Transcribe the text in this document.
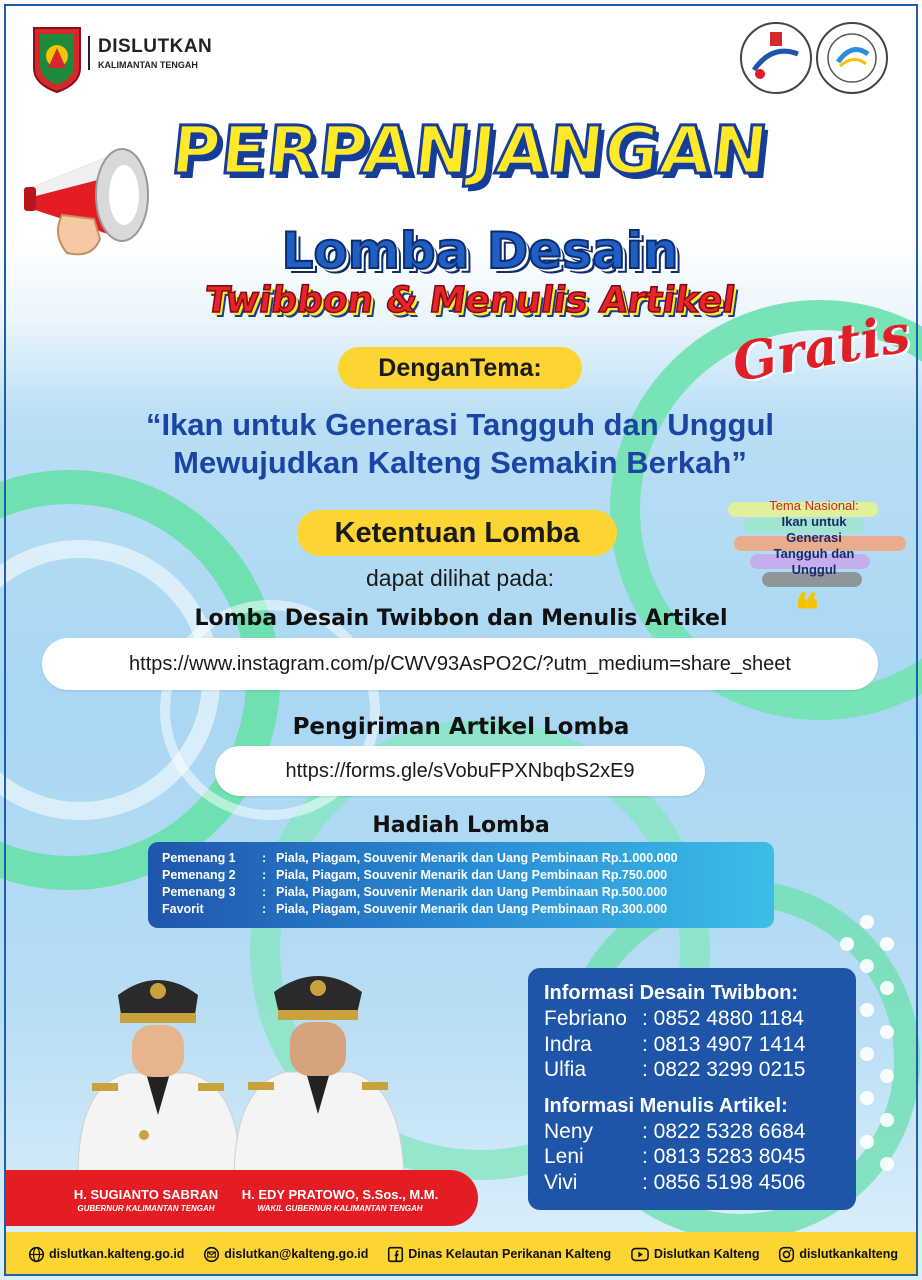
DISLUTKAN
KALIMANTAN TENGAH
PERPANJANGAN
Lomba Desain
Twibbon & Menulis Artikel
Gratis
DenganTema:
“Ikan untuk Generasi Tangguh dan Unggul
Mewujudkan Kalteng Semakin Berkah”
Ketentuan Lomba
dapat dilihat pada:
Tema Nasional:
Ikan untuk
Generasi
Tangguh dan
Unggul
❝
Lomba Desain Twibbon dan Menulis Artikel
https://www.instagram.com/p/CWV93AsPO2C/?utm_medium=share_sheet
Pengiriman Artikel Lomba
https://forms.gle/sVobuFPXNbqbS2xE9
Hadiah Lomba
Pemenang 1	: Piala, Piagam, Souvenir Menarik dan Uang Pembinaan Rp.1.000.000
Pemenang 2	: Piala, Piagam, Souvenir Menarik dan Uang Pembinaan Rp.750.000
Pemenang 3	: Piala, Piagam, Souvenir Menarik dan Uang Pembinaan Rp.500.000
Favorit	: Piala, Piagam, Souvenir Menarik dan Uang Pembinaan Rp.300.000
H. SUGIANTO SABRAN
GUBERNUR KALIMANTAN TENGAH
H. EDY PRATOWO, S.Sos., M.M.
WAKIL GUBERNUR KALIMANTAN TENGAH
Informasi Desain Twibbon:
Febriano : 0852 4880 1184
Indra	: 0813 4907 1414
Ulfia	: 0822 3299 0215
Informasi Menulis Artikel:
Neny	: 0822 5328 6684
Leni	: 0813 5283 8045
Vivi	: 0856 5198 4506
dislutkan.kalteng.go.id	dislutkan@kalteng.go.id	Dinas Kelautan Perikanan Kalteng	Dislutkan Kalteng	dislutkankalteng
